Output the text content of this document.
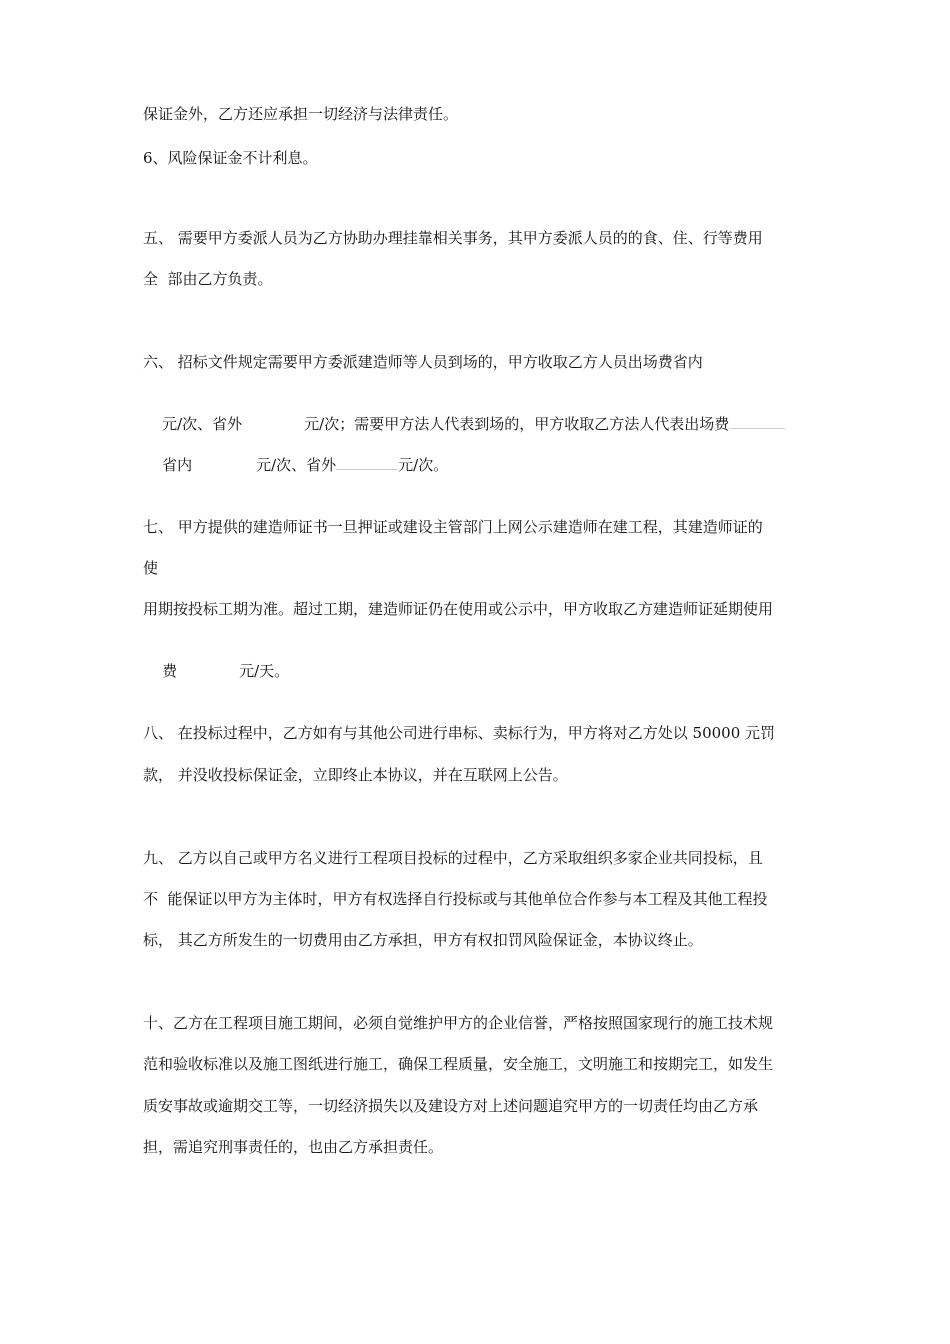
保证金外，乙方还应承担一切经济与法律责任。
6、风险保证金不计利息。
五、 需要甲方委派人员为乙方协助办理挂靠相关事务，其甲方委派人员的的食、住、行等费用
全  部由乙方负责。
六、 招标文件规定需要甲方委派建造师等人员到场的，甲方收取乙方人员出场费省内

元/次、省外	元/次；需要甲方法人代表到场的，甲方收取乙方法人代表出场费

省内	元/次、省外	元/次。

七、 甲方提供的建造师证书一旦押证或建设主管部门上网公示建造师在建工程，其建造师证的
使
用期按投标工期为准。超过工期，建造师证仍在使用或公示中，甲方收取乙方建造师证延期使用

费	元/天。

八、 在投标过程中，乙方如有与其他公司进行串标、卖标行为，甲方将对乙方处以 50000 元罚
款， 并没收投标保证金，立即终止本协议，并在互联网上公告。
九、 乙方以自己或甲方名义进行工程项目投标的过程中，乙方采取组织多家企业共同投标，且
不  能保证以甲方为主体时，甲方有权选择自行投标或与其他单位合作参与本工程及其他工程投
标， 其乙方所发生的一切费用由乙方承担，甲方有权扣罚风险保证金，本协议终止。
十、乙方在工程项目施工期间，必须自觉维护甲方的企业信誉，严格按照国家现行的施工技术规
范和验收标准以及施工图纸进行施工，确保工程质量，安全施工，文明施工和按期完工，如发生
质安事故或逾期交工等，一切经济损失以及建设方对上述问题追究甲方的一切责任均由乙方承
担，需追究刑事责任的，也由乙方承担责任。
